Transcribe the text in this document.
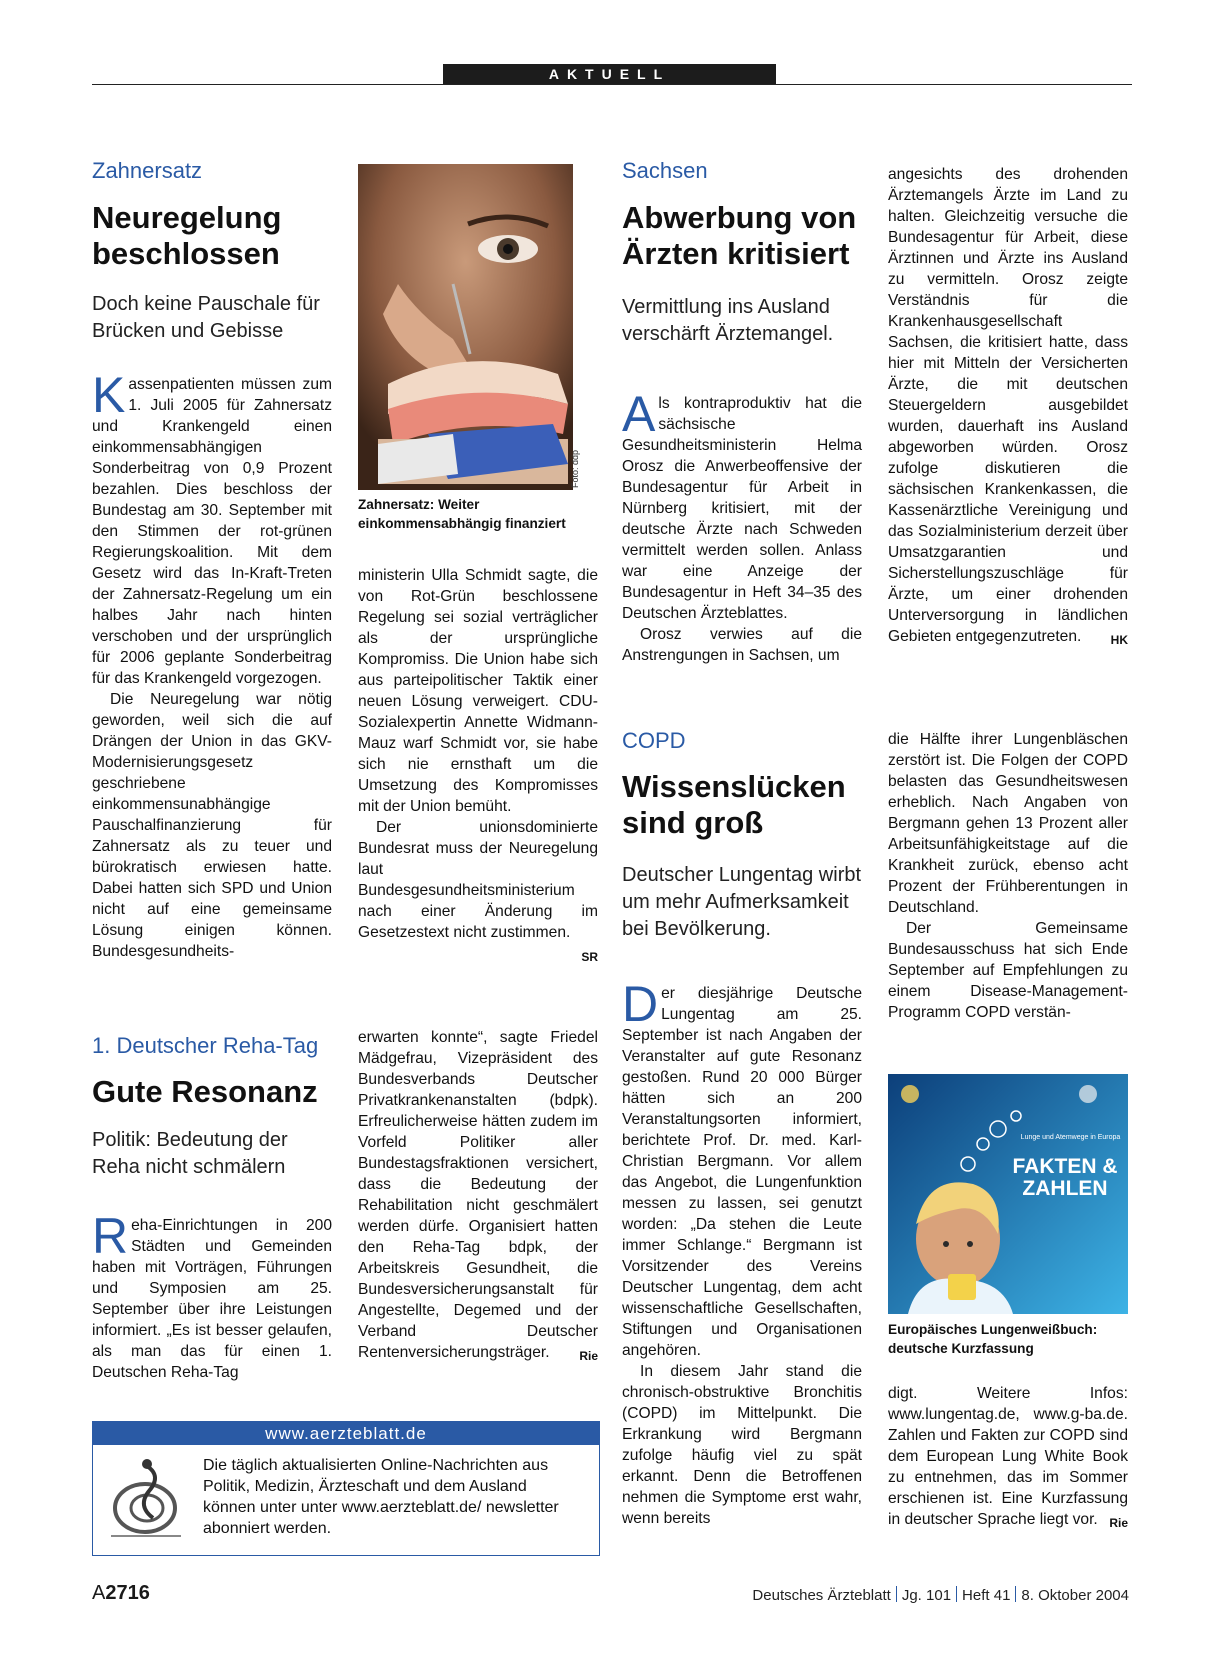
AKTUELL
Zahnersatz
Neuregelung beschlossen
Doch keine Pauschale für Brücken und Gebisse

Kassenpatienten müssen zum 1. Juli 2005 für Zahnersatz und Krankengeld einen einkommensabhängigen Sonderbeitrag von 0,9 Prozent bezahlen. Dies beschloss der Bundestag am 30. September mit den Stimmen der rot-grünen Regierungskoalition. Mit dem Gesetz wird das In-Kraft-Treten der Zahnersatz-Regelung um ein halbes Jahr nach hinten verschoben und der ursprünglich für 2006 geplante Sonderbeitrag für das Krankengeld vorgezogen.

Die Neuregelung war nötig geworden, weil sich die auf Drängen der Union in das GKV-Modernisierungsgesetz geschriebene einkommensunabhängige Pauschalfinanzierung für Zahnersatz als zu teuer und bürokratisch erwiesen hatte. Dabei hatten sich SPD und Union nicht auf eine gemeinsame Lösung einigen können. Bundesgesundheits-

Foto: ddp
Zahnersatz: Weiter einkommensabhängig finanziert

ministerin Ulla Schmidt sagte, die von Rot-Grün beschlossene Regelung sei sozial verträglicher als der ursprüngliche Kompromiss. Die Union habe sich aus parteipolitischer Taktik einer neuen Lösung verweigert. CDU-Sozialexpertin Annette Widmann-Mauz warf Schmidt vor, sie habe sich nie ernsthaft um die Umsetzung des Kompromisses mit der Union bemüht.

Der unionsdominierte Bundesrat muss der Neuregelung laut Bundesgesundheitsministerium nach einer Änderung im Gesetzestext nicht zustimmen.
SR

Sachsen
Abwerbung von Ärzten kritisiert
Vermittlung ins Ausland verschärft Ärztemangel.

Als kontraproduktiv hat die sächsische Gesundheitsministerin Helma Orosz die Anwerbeoffensive der Bundesagentur für Arbeit in Nürnberg kritisiert, mit der deutsche Ärzte nach Schweden vermittelt werden sollen. Anlass war eine Anzeige der Bundesagentur in Heft 34–35 des Deutschen Ärzteblattes.

Orosz verwies auf die Anstrengungen in Sachsen, um

angesichts des drohenden Ärztemangels Ärzte im Land zu halten. Gleichzeitig versuche die Bundesagentur für Arbeit, diese Ärztinnen und Ärzte ins Ausland zu vermitteln. Orosz zeigte Verständnis für die Krankenhausgesellschaft Sachsen, die kritisiert hatte, dass hier mit Mitteln der Versicherten Ärzte, die mit deutschen Steuergeldern ausgebildet wurden, dauerhaft ins Ausland abgeworben würden. Orosz zufolge diskutieren die sächsischen Krankenkassen, die Kassenärztliche Vereinigung und das Sozialministerium derzeit über Umsatzgarantien und Sicherstellungszuschläge für Ärzte, um einer drohenden Unterversorgung in ländlichen Gebieten entgegenzutreten. HK

COPD
Wissenslücken sind groß
Deutscher Lungentag wirbt um mehr Aufmerksamkeit bei Bevölkerung.

Der diesjährige Deutsche Lungentag am 25. September ist nach Angaben der Veranstalter auf gute Resonanz gestoßen. Rund 20 000 Bürger hätten sich an 200 Veranstaltungsorten informiert, berichtete Prof. Dr. med. Karl-Christian Bergmann. Vor allem das Angebot, die Lungenfunktion messen zu lassen, sei genutzt worden: „Da stehen die Leute immer Schlange.“ Bergmann ist Vorsitzender des Vereins Deutscher Lungentag, dem acht wissenschaftliche Gesellschaften, Stiftungen und Organisationen angehören.

In diesem Jahr stand die chronisch-obstruktive Bronchitis (COPD) im Mittelpunkt. Die Erkrankung wird Bergmann zufolge häufig viel zu spät erkannt. Denn die Betroffenen nehmen die Symptome erst wahr, wenn bereits

die Hälfte ihrer Lungenbläschen zerstört ist. Die Folgen der COPD belasten das Gesundheitswesen erheblich. Nach Angaben von Bergmann gehen 13 Prozent aller Arbeitsunfähigkeitstage auf die Krankheit zurück, ebenso acht Prozent der Frühberentungen in Deutschland.

Der Gemeinsame Bundesausschuss hat sich Ende September auf Empfehlungen zu einem Disease-Management-Programm COPD verstän-

Lunge und Atemwege in Europa
FAKTEN & ZAHLEN
Europäisches Lungenweißbuch: deutsche Kurzfassung

digt. Weitere Infos: www.lungentag.de, www.g-ba.de. Zahlen und Fakten zur COPD sind dem European Lung White Book zu entnehmen, das im Sommer erschienen ist. Eine Kurzfassung in deutscher Sprache liegt vor. Rie

1. Deutscher Reha-Tag
Gute Resonanz
Politik: Bedeutung der Reha nicht schmälern

Reha-Einrichtungen in 200 Städten und Gemeinden haben mit Vorträgen, Führungen und Symposien am 25. September über ihre Leistungen informiert. „Es ist besser gelaufen, als man das für einen 1. Deutschen Reha-Tag

erwarten konnte“, sagte Friedel Mädgefrau, Vizepräsident des Bundesverbands Deutscher Privatkrankenanstalten (bdpk). Erfreulicherweise hätten zudem im Vorfeld Politiker aller Bundestagsfraktionen versichert, dass die Bedeutung der Rehabilitation nicht geschmälert werden dürfe. Organisiert hatten den Reha-Tag bdpk, der Arbeitskreis Gesundheit, die Bundesversicherungsanstalt für Angestellte, Degemed und der Verband Deutscher Rentenversicherungsträger. Rie

www.aerzteblatt.de
Die täglich aktualisierten Online-Nachrichten aus Politik, Medizin, Ärzteschaft und dem Ausland können unter unter www.aerzteblatt.de/ newsletter abonniert werden.
A2716	Deutsches Ärzteblatt Jg. 101 Heft 41 8. Oktober 2004
